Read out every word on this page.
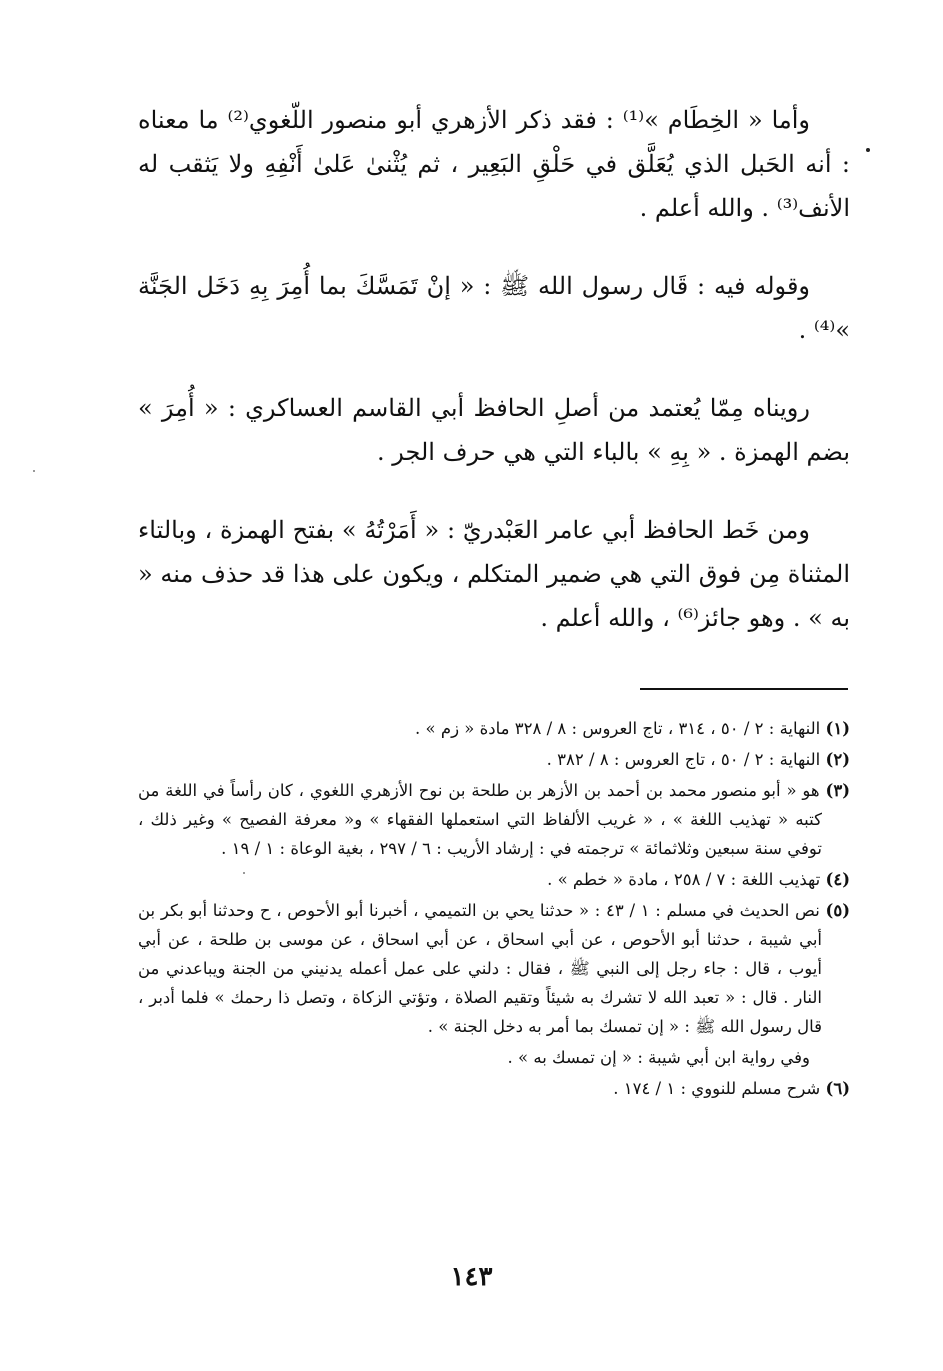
وأما « الخِطَام »⁽¹⁾ : فقد ذكر الأزهري أبو منصور اللّغوي⁽²⁾ ما معناه : أنه الحَبل الذي يُعَلَّق في حَلْقِ البَعِير ، ثم يُثْنىٰ عَلىٰ أَنْفِهِ ولا يَثقب له الأنف⁽³⁾ . والله أعلم .

وقوله فيه : قَال رسول الله ﷺ : « إنْ تَمَسَّكَ بما أُمِرَ بِهِ دَخَل الجَنَّة »⁽⁴⁾ .

رويناه مِمّا يُعتمد من أصلِ الحافظ أبي القاسم العساكري : « أُمِرَ » بضم الهمزة . « بِهِ » بالباء التي هي حرف الجر .

ومن خَط الحافظ أبي عامر العَبْدريّ : « أَمَرْتُهُ » بفتح الهمزة ، وبالتاء المثناة مِن فوق التي هي ضمير المتكلم ، ويكون على هذا قد حذف منه « به » . وهو جائز⁽⁶⁾ ، والله أعلم .

(١) النهاية : ٢ / ٥٠ ، ٣١٤ ، تاج العروس : ٨ / ٣٢٨ مادة « زم » .
(٢) النهاية : ٢ / ٥٠ ، تاج العروس : ٨ / ٣٨٢ .
(٣) هو « أبو منصور محمد بن أحمد بن الأزهر بن طلحة بن نوح الأزهري اللغوي ، كان رأساً في اللغة من كتبه « تهذيب اللغة » ، « غريب الألفاظ التي استعملها الفقهاء » و« معرفة الفصيح » وغير ذلك ، توفي سنة سبعين وثلاثمائة » ترجمته في : إرشاد الأريب : ٦ / ٢٩٧ ، بغية الوعاة : ١ / ١٩ .
(٤) تهذيب اللغة : ٧ / ٢٥٨ ، مادة « خطم » .
(٥) نص الحديث في مسلم : ١ / ٤٣ : « حدثنا يحي بن التميمي ، أخبرنا أبو الأحوص ، ح وحدثنا أبو بكر بن أبي شيبة ، حدثنا أبو الأحوص ، عن أبي اسحاق ، عن أبي اسحاق ، عن موسى بن طلحة ، عن أبي أيوب ، قال : جاء رجل إلى النبي ﷺ ، فقال : دلني على عمل أعمله يدنيني من الجنة ويباعدني من النار . قال : « تعبد الله لا تشرك به شيئاً وتقيم الصلاة ، وتؤتي الزكاة ، وتصل ذا رحمك » فلما أدبر ، قال رسول الله ﷺ : « إن تمسك بما أمر به دخل الجنة » .
وفي رواية ابن أبي شيبة : « إن تمسك به » .
(٦) شرح مسلم للنووي : ١ / ١٧٤ .
١٤٣
